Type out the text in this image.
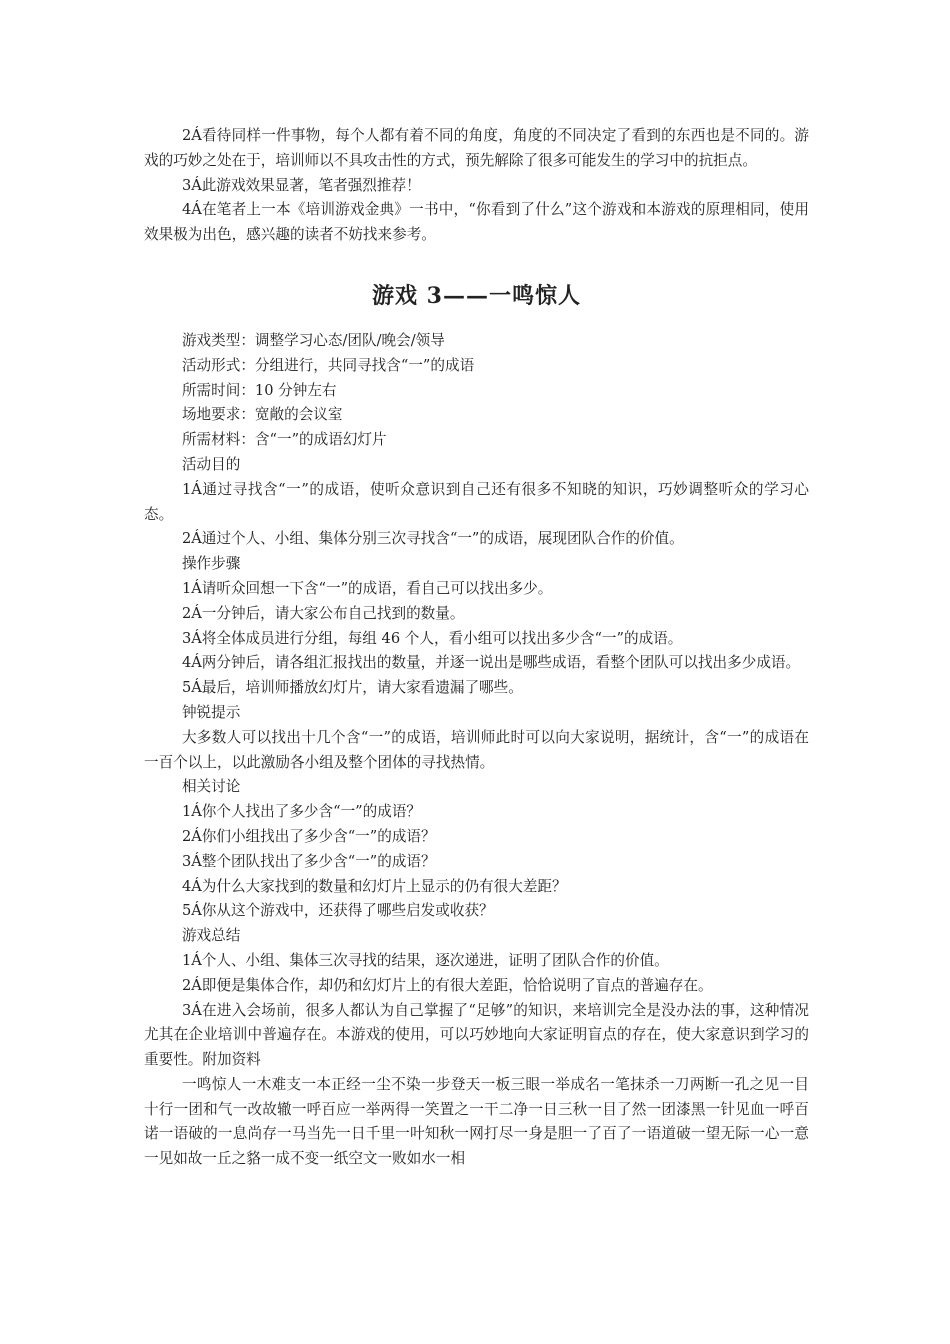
2Á看待同样一件事物，每个人都有着不同的角度，角度的不同决定了看到的东西也是不同的。游戏的巧妙之处在于，培训师以不具攻击性的方式，预先解除了很多可能发生的学习中的抗拒点。

3Á此游戏效果显著，笔者强烈推荐！

4Á在笔者上一本《培训游戏金典》一书中，“你看到了什么”这个游戏和本游戏的原理相同，使用效果极为出色，感兴趣的读者不妨找来参考。

游戏 3——一鸣惊人

游戏类型：调整学习心态/团队/晚会/领导

活动形式：分组进行，共同寻找含“一”的成语

所需时间：10 分钟左右

场地要求：宽敞的会议室

所需材料：含“一”的成语幻灯片

活动目的

1Á通过寻找含“一”的成语，使听众意识到自己还有很多不知晓的知识，巧妙调整听众的学习心态。

2Á通过个人、小组、集体分别三次寻找含“一”的成语，展现团队合作的价值。

操作步骤

1Á请听众回想一下含“一”的成语，看自己可以找出多少。

2Á一分钟后，请大家公布自己找到的数量。

3Á将全体成员进行分组，每组 46 个人，看小组可以找出多少含“一”的成语。

4Á两分钟后，请各组汇报找出的数量，并逐一说出是哪些成语，看整个团队可以找出多少成语。

5Á最后，培训师播放幻灯片，请大家看遗漏了哪些。

钟锐提示

大多数人可以找出十几个含“一”的成语，培训师此时可以向大家说明，据统计，含“一”的成语在一百个以上，以此激励各小组及整个团体的寻找热情。

相关讨论

1Á你个人找出了多少含“一”的成语？

2Á你们小组找出了多少含“一”的成语？

3Á整个团队找出了多少含“一”的成语？

4Á为什么大家找到的数量和幻灯片上显示的仍有很大差距？

5Á你从这个游戏中，还获得了哪些启发或收获？

游戏总结

1Á个人、小组、集体三次寻找的结果，逐次递进，证明了团队合作的价值。

2Á即便是集体合作，却仍和幻灯片上的有很大差距，恰恰说明了盲点的普遍存在。

3Á在进入会场前，很多人都认为自己掌握了“足够”的知识，来培训完全是没办法的事，这种情况尤其在企业培训中普遍存在。本游戏的使用，可以巧妙地向大家证明盲点的存在，使大家意识到学习的重要性。附加资料

一鸣惊人一木难支一本正经一尘不染一步登天一板三眼一举成名一笔抹杀一刀两断一孔之见一目十行一团和气一改故辙一呼百应一举两得一笑置之一干二净一日三秋一目了然一团漆黑一针见血一呼百诺一语破的一息尚存一马当先一日千里一叶知秋一网打尽一身是胆一了百了一语道破一望无际一心一意一见如故一丘之貉一成不变一纸空文一败如水一相
